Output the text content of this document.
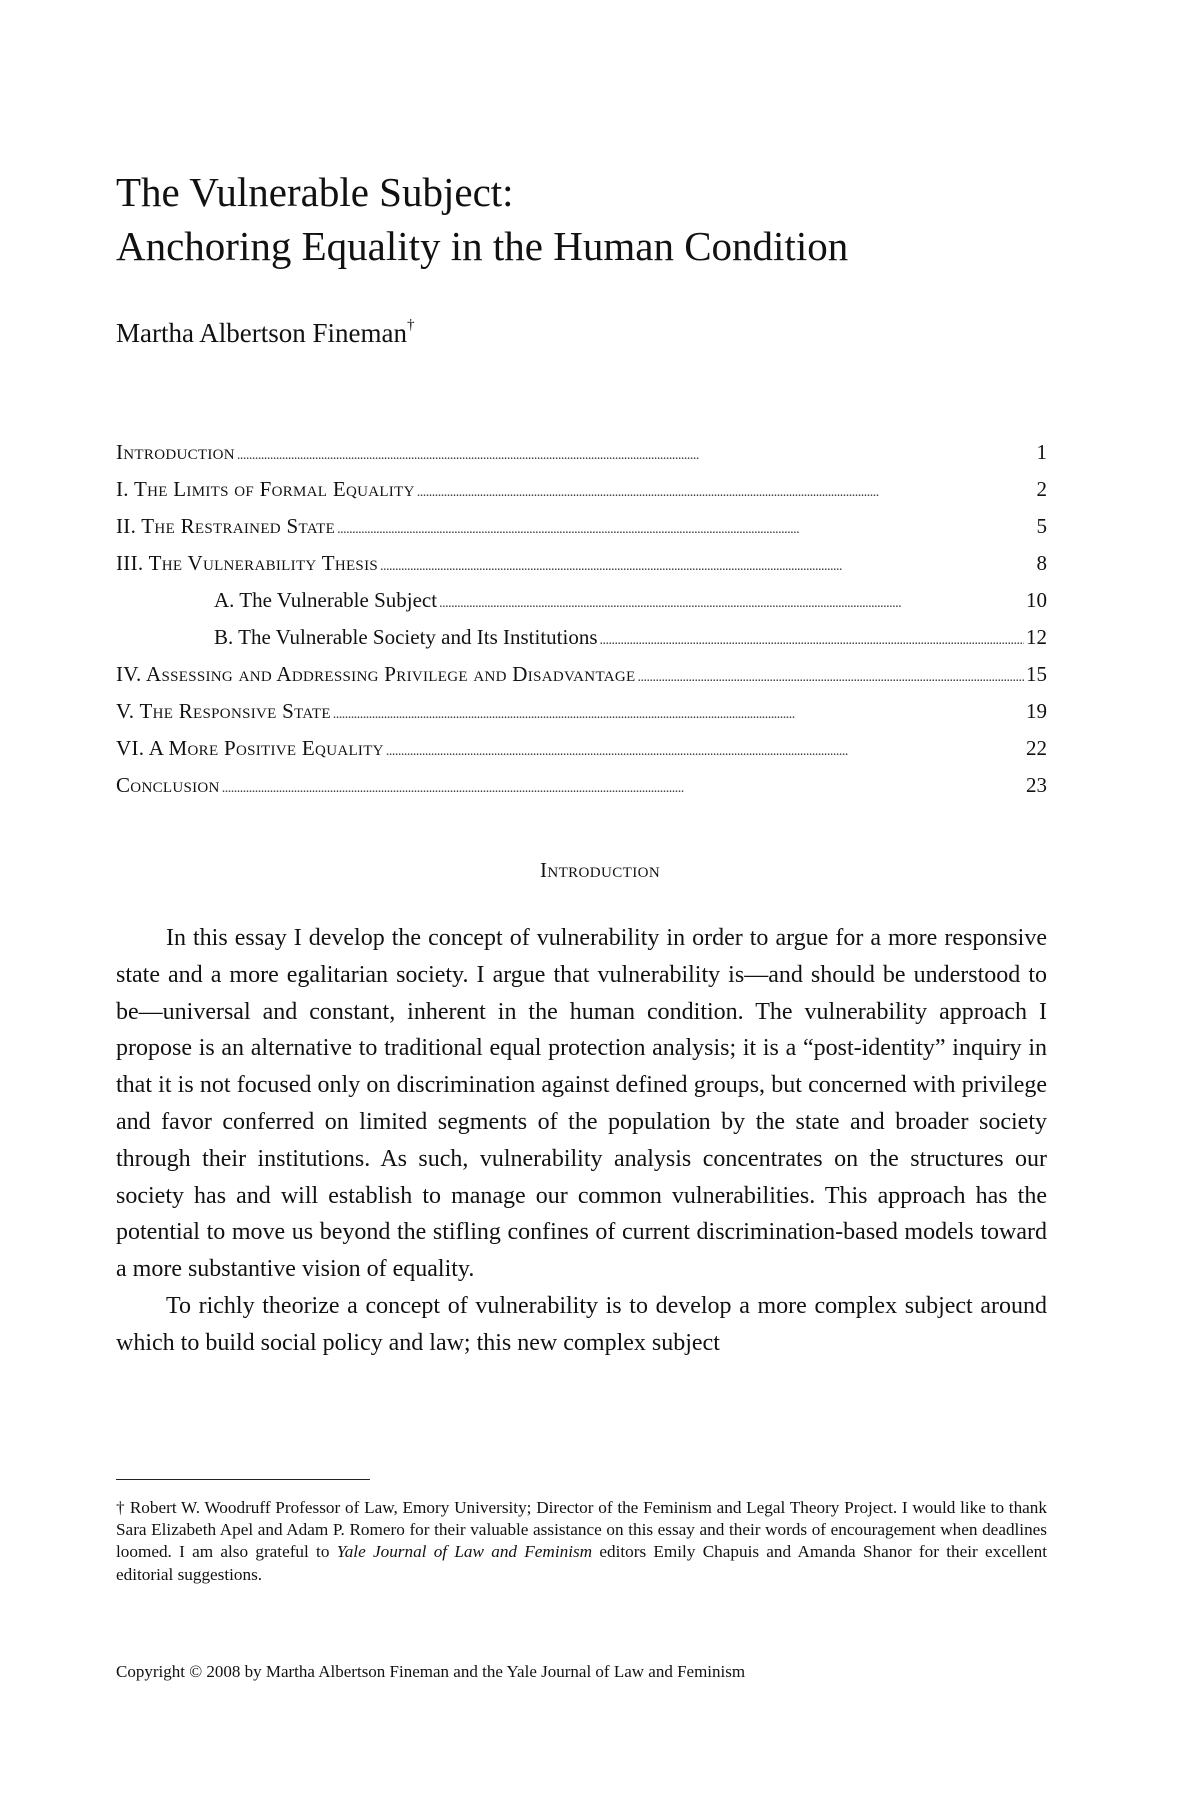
The Vulnerable Subject:
Anchoring Equality in the Human Condition
Martha Albertson Fineman†
Introduction . . .	1
I. The Limits of Formal Equality . . .	2
II. The Restrained State . . .	5
III. The Vulnerability Thesis . . .	8
A. The Vulnerable Subject . . .	10
B. The Vulnerable Society and Its Institutions . . .	12
IV. Assessing and Addressing Privilege and Disadvantage . . .	15
V. The Responsive State . . .	19
VI. A More Positive Equality . . .	22
Conclusion . . .	23
Introduction

In this essay I develop the concept of vulnerability in order to argue for a more responsive state and a more egalitarian society. I argue that vulnerability is—and should be understood to be—universal and constant, inherent in the human condition. The vulnerability approach I propose is an alternative to traditional equal protection analysis; it is a “post-identity” inquiry in that it is not focused only on discrimination against defined groups, but concerned with privilege and favor conferred on limited segments of the population by the state and broader society through their institutions. As such, vulnerability analysis concentrates on the structures our society has and will establish to manage our common vulnerabilities. This approach has the potential to move us beyond the stifling confines of current discrimination-based models toward a more substantive vision of equality.

To richly theorize a concept of vulnerability is to develop a more complex subject around which to build social policy and law; this new complex subject

† Robert W. Woodruff Professor of Law, Emory University; Director of the Feminism and Legal Theory Project. I would like to thank Sara Elizabeth Apel and Adam P. Romero for their valuable assistance on this essay and their words of encouragement when deadlines loomed. I am also grateful to Yale Journal of Law and Feminism editors Emily Chapuis and Amanda Shanor for their excellent editorial suggestions.
Copyright © 2008 by Martha Albertson Fineman and the Yale Journal of Law and Feminism
